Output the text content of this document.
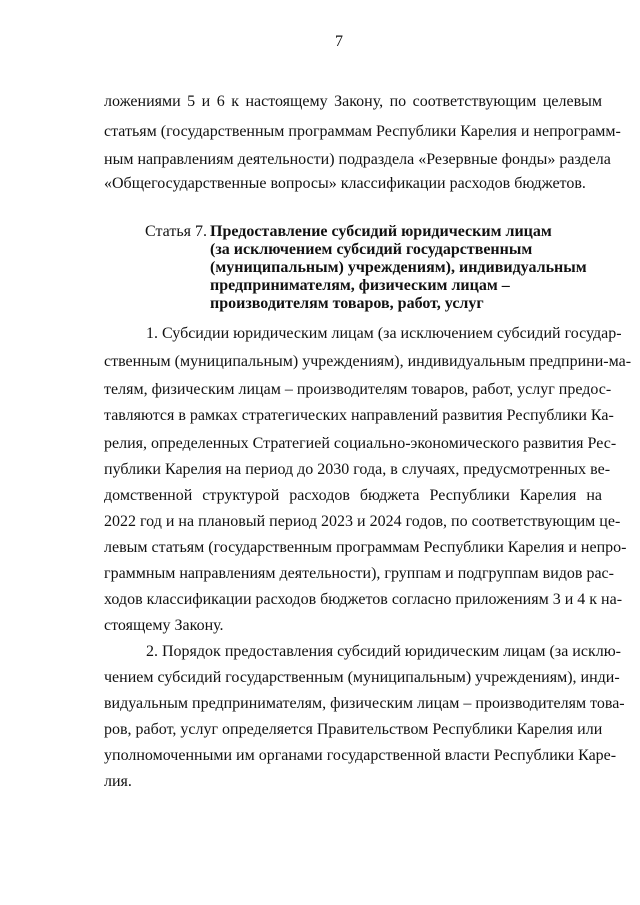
7
ложениями 5 и 6 к настоящему Закону, по соответствующим целевым
статьям (государственным программам Республики Карелия и непрограмм-
ным направлениям деятельности) подраздела «Резервные фонды» раздела
«Общегосударственные вопросы» классификации расходов бюджетов.
Статья 7. Предоставление субсидий юридическим лицам
(за исключением субсидий государственным
(муниципальным) учреждениям), индивидуальным
предпринимателям, физическим лицам –
производителям товаров, работ, услуг
1. Субсидии юридическим лицам (за исключением субсидий государ-
ственным (муниципальным) учреждениям), индивидуальным предприни-ма-
телям, физическим лицам – производителям товаров, работ, услуг предос-
тавляются в рамках стратегических направлений развития Республики Ка-
релия, определенных Стратегией социально-экономического развития Рес-
публики Карелия на период до 2030 года, в случаях, предусмотренных ве-
домственной структурой расходов бюджета Республики Карелия на
2022 год и на плановый период 2023 и 2024 годов, по соответствующим це-
левым статьям (государственным программам Республики Карелия и непро-
граммным направлениям деятельности), группам и подгруппам видов рас-
ходов классификации расходов бюджетов согласно приложениям 3 и 4 к на-
стоящему Закону.
2. Порядок предоставления субсидий юридическим лицам (за исклю-
чением субсидий государственным (муниципальным) учреждениям), инди-
видуальным предпринимателям, физическим лицам – производителям това-
ров, работ, услуг определяется Правительством Республики Карелия или
уполномоченными им органами государственной власти Республики Каре-
лия.
